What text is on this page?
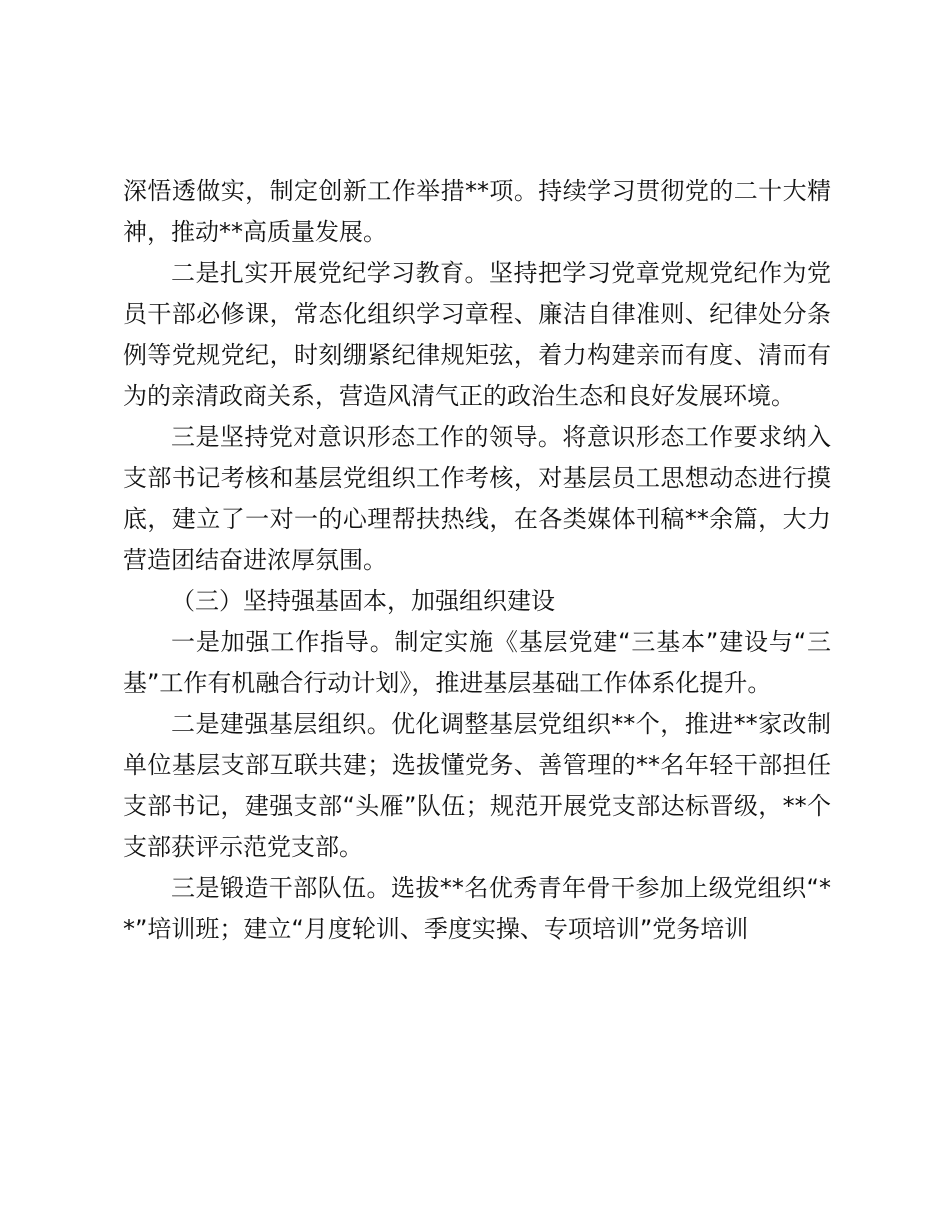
深悟透做实，制定创新工作举措**项。持续学习贯彻党的二十大精神，推动**高质量发展。

二是扎实开展党纪学习教育。坚持把学习党章党规党纪作为党员干部必修课，常态化组织学习章程、廉洁自律准则、纪律处分条例等党规党纪，时刻绷紧纪律规矩弦，着力构建亲而有度、清而有为的亲清政商关系，营造风清气正的政治生态和良好发展环境。

三是坚持党对意识形态工作的领导。将意识形态工作要求纳入支部书记考核和基层党组织工作考核，对基层员工思想动态进行摸底，建立了一对一的心理帮扶热线，在各类媒体刊稿**余篇，大力营造团结奋进浓厚氛围。

（三）坚持强基固本，加强组织建设

一是加强工作指导。制定实施《基层党建“三基本”建设与“三基”工作有机融合行动计划》，推进基层基础工作体系化提升。

二是建强基层组织。优化调整基层党组织**个，推进**家改制单位基层支部互联共建；选拔懂党务、善管理的**名年轻干部担任支部书记，建强支部“头雁”队伍；规范开展党支部达标晋级，**个支部获评示范党支部。

三是锻造干部队伍。选拔**名优秀青年骨干参加上级党组织“**”培训班；建立“月度轮训、季度实操、专项培训”党务培训
